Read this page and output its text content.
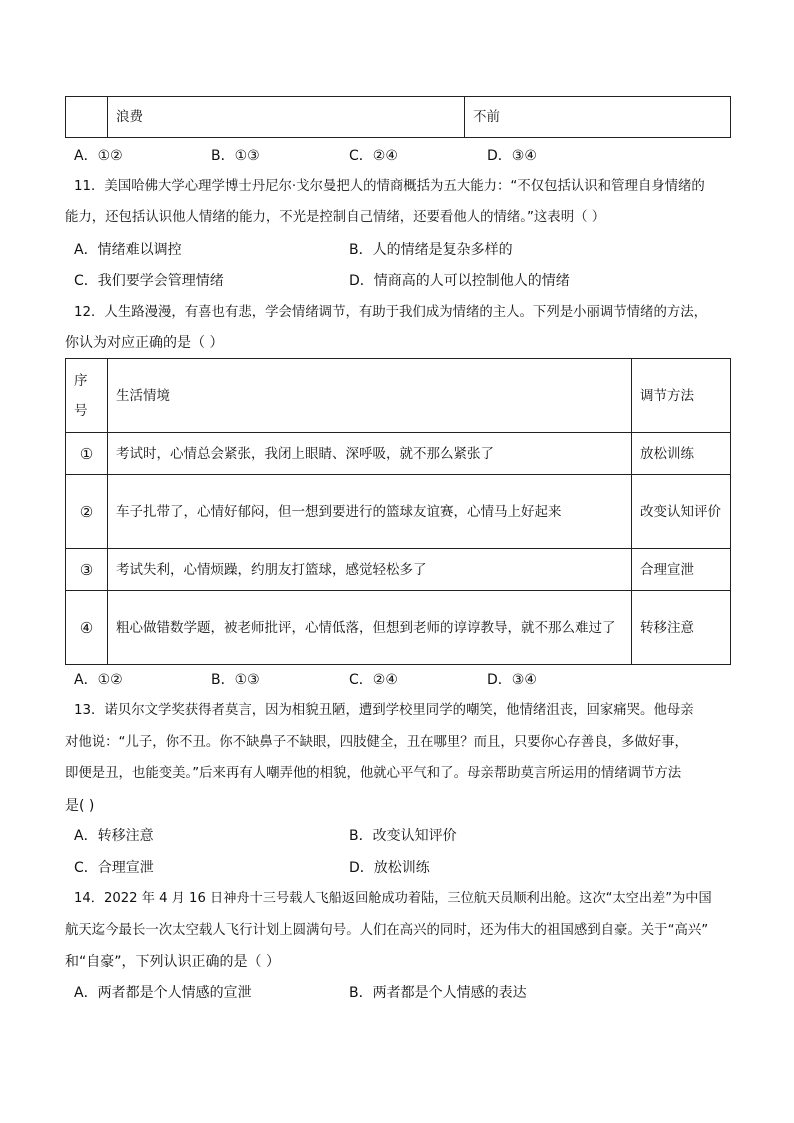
	浪费	不前
A．①②	B．①③	C．②④	D．③④
11．美国哈佛大学心理学博士丹尼尔·戈尔曼把人的情商概括为五大能力：“不仅包括认识和管理自身情绪的
能力，还包括认识他人情绪的能力，不光是控制自己情绪，还要看他人的情绪。”这表明（ ）
A．情绪难以调控	B．人的情绪是复杂多样的
C．我们要学会管理情绪	D．情商高的人可以控制他人的情绪
12．人生路漫漫，有喜也有悲，学会情绪调节，有助于我们成为情绪的主人。下列是小丽调节情绪的方法，
你认为对应正确的是（ ）
序号	生活情境	调节方法
①	考试时，心情总会紧张，我闭上眼睛、深呼吸，就不那么紧张了	放松训练
②	车子扎带了，心情好郁闷，但一想到要进行的篮球友谊赛，心情马上好起来	改变认知评价
③	考试失利，心情烦躁，约朋友打篮球，感觉轻松多了	合理宣泄
④	粗心做错数学题，被老师批评，心情低落，但想到老师的谆谆教导，就不那么难过了	转移注意
A．①②	B．①③	C．②④	D．③④
13．诺贝尔文学奖获得者莫言，因为相貌丑陋，遭到学校里同学的嘲笑，他情绪沮丧，回家痛哭。他母亲
对他说：“儿子，你不丑。你不缺鼻子不缺眼，四肢健全，丑在哪里？而且，只要你心存善良，多做好事，
即便是丑，也能变美。”后来再有人嘲弄他的相貌，他就心平气和了。母亲帮助莫言所运用的情绪调节方法
是( )
A．转移注意	B．改变认知评价
C．合理宣泄	D．放松训练
14．2022 年 4 月 16 日神舟十三号载人飞船返回舱成功着陆，三位航天员顺利出舱。这次“太空出差”为中国
航天迄今最长一次太空载人飞行计划上圆满句号。人们在高兴的同时，还为伟大的祖国感到自豪。关于“高兴”
和“自豪”，下列认识正确的是（ ）
A．两者都是个人情感的宣泄	B．两者都是个人情感的表达
